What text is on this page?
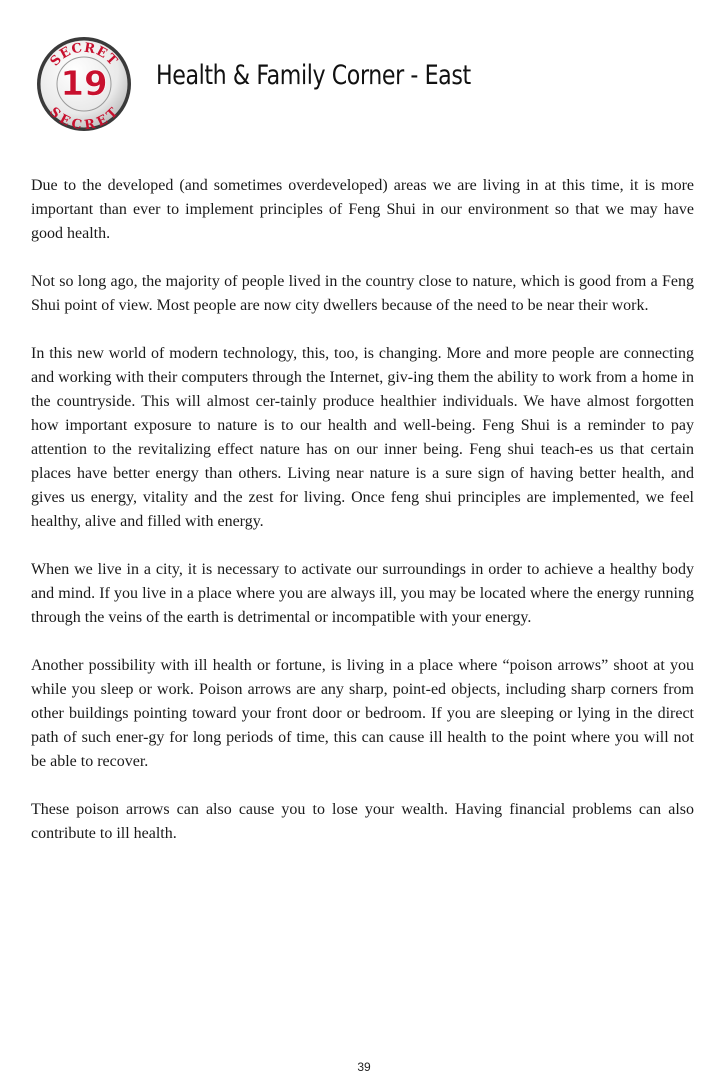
SECRET
SECRET
19 Health & Family Corner - East

Due to the developed (and sometimes overdeveloped) areas we are living in at this time, it is more important than ever to implement principles of Feng Shui in our environment so that we may have good health.

Not so long ago, the majority of people lived in the country close to nature, which is good from a Feng Shui point of view. Most people are now city dwellers because of the need to be near their work.

In this new world of modern technology, this, too, is changing. More and more people are connecting and working with their computers through the Internet, giv-ing them the ability to work from a home in the countryside. This will almost cer-tainly produce healthier individuals. We have almost forgotten how important exposure to nature is to our health and well-being. Feng Shui is a reminder to pay attention to the revitalizing effect nature has on our inner being. Feng shui teach-es us that certain places have better energy than others. Living near nature is a sure sign of having better health, and gives us energy, vitality and the zest for living. Once feng shui principles are implemented, we feel healthy, alive and filled with energy.

When we live in a city, it is necessary to activate our surroundings in order to achieve a healthy body and mind. If you live in a place where you are always ill, you may be located where the energy running through the veins of the earth is detrimental or incompatible with your energy.

Another possibility with ill health or fortune, is living in a place where “poison arrows” shoot at you while you sleep or work. Poison arrows are any sharp, point-ed objects, including sharp corners from other buildings pointing toward your front door or bedroom. If you are sleeping or lying in the direct path of such ener-gy for long periods of time, this can cause ill health to the point where you will not be able to recover.

These poison arrows can also cause you to lose your wealth. Having financial problems can also contribute to ill health.

39
